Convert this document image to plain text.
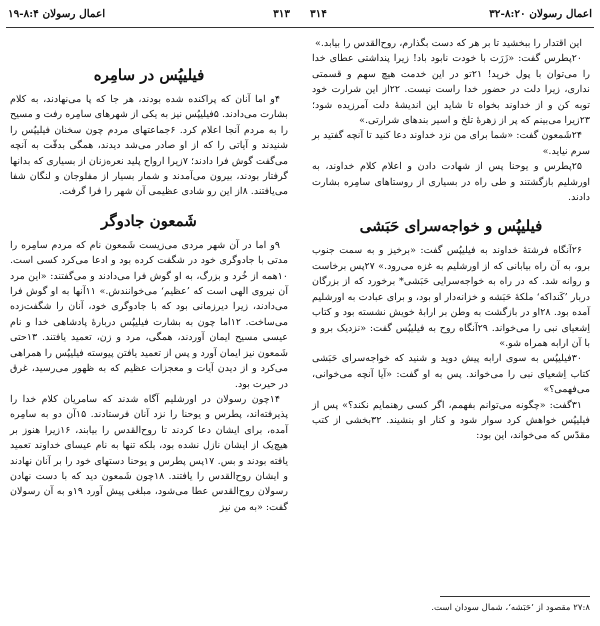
اعمال رسولان ۸:۲۰-۳۲
۳۱۴
اعمال رسولان ۸:۴-۱۹	۳۱۳

این اقتدار را ببخشید تا بر هر که دست بگذارم، روح‌القدس را بیابد.»

۲۰پطرس گفت: «زَرَت با خودت نابود باد! زیرا پنداشتی عطای خدا را می‌توان با پول خرید! ۲۱تو در این خدمت هیچ سهم و قسمتی نداری، زیرا دلت در حضور خدا راست نیست. ۲۲از این شرارت خود توبه کن و از خداوند بخواه تا شاید این اندیشهٔ دلت آمرزیده شود؛ ۲۳زیرا می‌بینم که پر از زهرهٔ تلخ و اسیر بندهای شرارتی.»

۲۴شَمعون گفت: «شما برای من نزد خداوند دعا کنید تا آنچه گفتید بر سرم نیاید.»

۲۵پطرس و یوحنا پس از شهادت دادن و اعلام کلام خداوند، به اورشلیم بازگشتند و طی راه در بسیاری از روستاهای سامِره بشارت دادند.

فیلیپُس و خواجه‌سرای حَبَشی

۲۶آنگاه فرشتهٔ خداوند به فیلیپُس گفت: «برخیز و به سمت جنوب برو، به آن راه بیابانی که از اورشلیم به غزه می‌رود.» ۲۷پس برخاست و روانه شد. که در راه به خواجه‌سرایی حَبَشی* برخورد که از بزرگان دربار ’کَنداکه‘ ملکهٔ حَبَشه و خزانه‌دار او بود، و برای عبادت به اورشلیم آمده بود. ۲۸او در بازگشت به وطن بر ارابهٔ خویش نشسته بود و کتاب اِشعیای نبی را می‌خواند. ۲۹آنگاه روح به فیلیپُس گفت: «نزدیک برو و با آن ارابه همراه شو.»

۳۰فیلیپُس به سوی ارابه پیش دوید و شنید که خواجه‌سرای حَبَشی کتاب اِشعیای نبی را می‌خواند. پس به او گفت: «آیا آنچه می‌خوانی، می‌فهمی؟»

۳۱گفت: «چگونه می‌توانم بفهمم، اگر کسی رهنمایم نکند؟» پس از فیلیپُس خواهش کرد سوار شود و کنار او بنشیند. ۳۲بخشی از کتب مقدّس که می‌خواند، این بود:

فیلیپُس در سامِره

۴و اما آنان که پراکنده شده بودند، هر جا که پا می‌نهادند، به کلام بشارت می‌دادند. ۵فیلیپُس نیز به یکی از شهرهای سامِره رفت و مسیح را به مردم آنجا اعلام کرد. ۶جماعتهای مردم چون سخنان فیلیپُس را شنیدند و آیاتی را که از او صادر می‌شد دیدند، همگی بدقّت به آنچه می‌گفت گوش فرا دادند؛ ۷زیرا ارواح پلید نعره‌زنان از بسیاری که بدانها گرفتار بودند، بیرون می‌آمدند و شمار بسیار از مفلوجان و لنگان شفا می‌یافتند. ۸از این رو شادی عظیمی آن شهر را فرا گرفت.

شَمعون جادوگر

۹و اما در آن شهر مردی می‌زیست شَمعون نام که مردم سامِره را مدتی با جادوگری خود در شگفت کرده بود و ادعا می‌کرد کسی است. ۱۰همه از خُرد و بزرگ، به او گوش فرا می‌دادند و می‌گفتند: «این مرد آن نیروی الهی است که ’عظیم‘ می‌خوانندش.» ۱۱آنها به او گوش فرا می‌دادند، زیرا دیرزمانی بود که با جادوگری خود، آنان را شگفت‌زده می‌ساخت. ۱۲اما چون به بشارت فیلیپُس دربارهٔ پادشاهی خدا و نام عیسی مسیح ایمان آوردند، همگی، مرد و زن، تعمید یافتند. ۱۳حتی شَمعون نیز ایمان آورد و پس از تعمید یافتن پیوسته فیلیپُس را همراهی می‌کرد و از دیدن آیات و معجزات عظیم که به ظهور می‌رسید، غرق در حیرت بود.

۱۴چون رسولان در اورشلیم آگاه شدند که سامریان کلام خدا را پذیرفته‌اند، پطرس و یوحنا را نزد آنان فرستادند. ۱۵آن دو به سامِره آمده، برای ایشان دعا کردند تا روح‌القدس را بیابند، ۱۶زیرا هنوز بر هیچ‌یک از ایشان نازل نشده بود، بلکه تنها به نام عیسای خداوند تعمید یافته بودند و بس. ۱۷پس پطرس و یوحنا دستهای خود را بر آنان نهادند و ایشان روح‌القدس را یافتند. ۱۸چون شَمعون دید که با دست نهادن رسولان روح‌القدس عطا می‌شود، مبلغی پیش آورد ۱۹و به آن رسولان گفت: «به من نیز

۲۷:۸ مقصود از ’حَبَشه‘، شمال سودان است.
